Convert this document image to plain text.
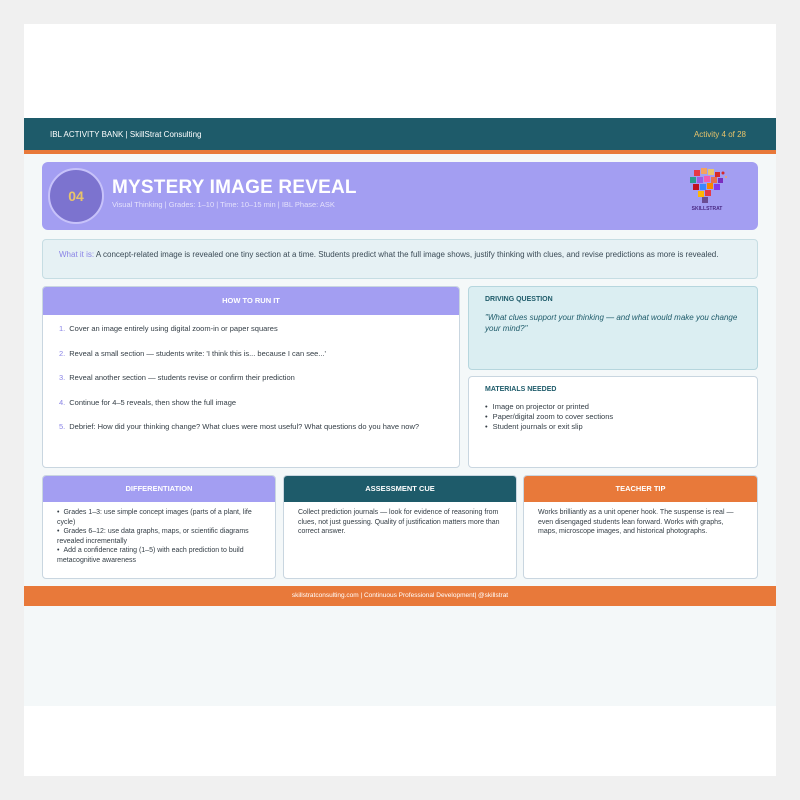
IBL ACTIVITY BANK | SkillStrat Consulting	Activity 4 of 28
04	MYSTERY IMAGE REVEAL
Visual Thinking | Grades: 1–10 | Time: 10–15 min | IBL Phase: ASK	SKILLSTRAT
What it is: A concept-related image is revealed one tiny section at a time. Students predict what the full image shows, justify thinking with clues, and revise predictions as more is revealed.
HOW TO RUN IT
1. Cover an image entirely using digital zoom-in or paper squares
2. Reveal a small section — students write: 'I think this is... because I can see...'
3. Reveal another section — students revise or confirm their prediction
4. Continue for 4–5 reveals, then show the full image
5. Debrief: How did your thinking change? What clues were most useful? What questions do you have now?
DRIVING QUESTION
"What clues support your thinking — and what would make you change your mind?"
MATERIALS NEEDED
• Image on projector or printed
• Paper/digital zoom to cover sections
• Student journals or exit slip
DIFFERENTIATION
• Grades 1–3: use simple concept images (parts of a plant, life cycle)
• Grades 6–12: use data graphs, maps, or scientific diagrams revealed incrementally
• Add a confidence rating (1–5) with each prediction to build metacognitive awareness
ASSESSMENT CUE
Collect prediction journals — look for evidence of reasoning from clues, not just guessing. Quality of justification matters more than correct answer.
TEACHER TIP
Works brilliantly as a unit opener hook. The suspense is real — even disengaged students lean forward. Works with graphs, maps, microscope images, and historical photographs.
skillstratconsulting.com | Continuous Professional Development| @skillstrat
